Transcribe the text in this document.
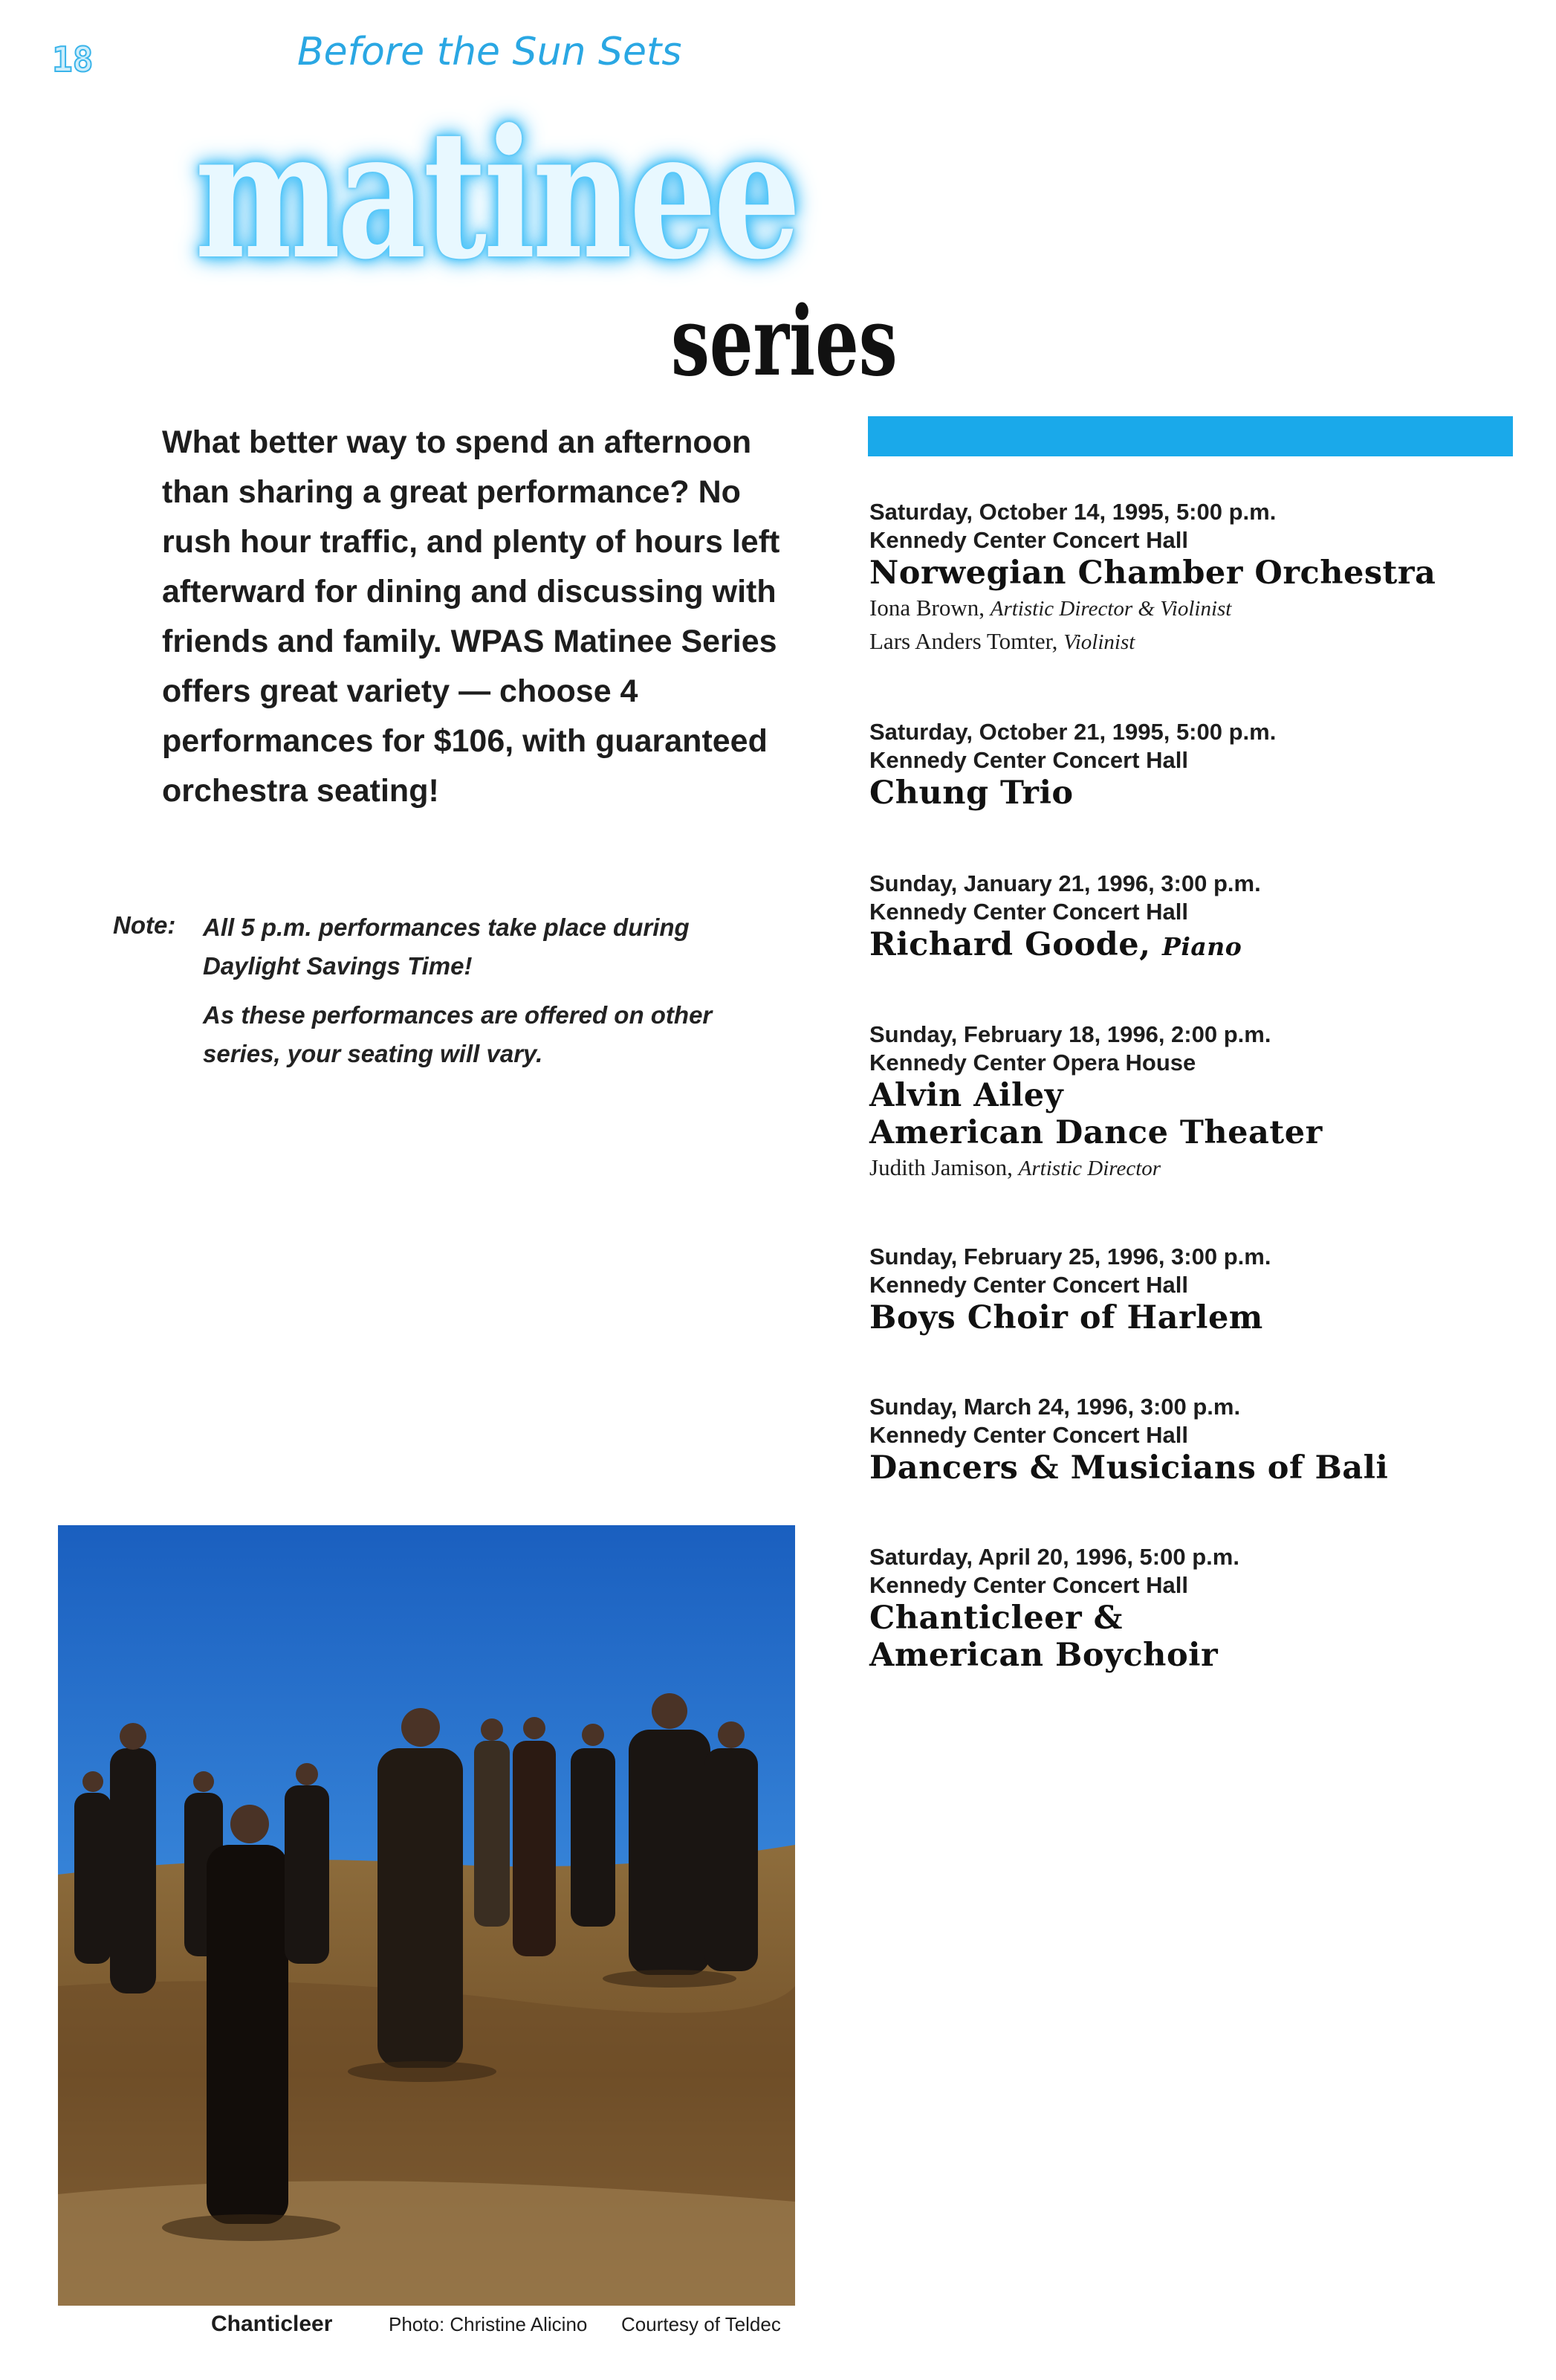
18	Before the Sun Sets
matinee
series

What better way to spend an afternoon than sharing a great performance? No rush hour traffic, and plenty of hours left afterward for dining and discussing with friends and family. WPAS Matinee Series offers great variety — choose 4 performances for $106, with guaranteed orchestra seating!

Note: All 5 p.m. performances take place during Daylight Savings Time!

As these performances are offered on other series, your seating will vary.

Chanticleer	Photo: Christine Alicino Courtesy of Teldec
Saturday, October 14, 1995, 5:00 p.m.
Kennedy Center Concert Hall
Norwegian Chamber Orchestra
Iona Brown, Artistic Director & Violinist
Lars Anders Tomter, Violinist
Saturday, October 21, 1995, 5:00 p.m.
Kennedy Center Concert Hall
Chung Trio
Sunday, January 21, 1996, 3:00 p.m.
Kennedy Center Concert Hall
Richard Goode, Piano
Sunday, February 18, 1996, 2:00 p.m.
Kennedy Center Opera House
Alvin Ailey
American Dance Theater
Judith Jamison, Artistic Director
Sunday, February 25, 1996, 3:00 p.m.
Kennedy Center Concert Hall
Boys Choir of Harlem
Sunday, March 24, 1996, 3:00 p.m.
Kennedy Center Concert Hall
Dancers & Musicians of Bali
Saturday, April 20, 1996, 5:00 p.m.
Kennedy Center Concert Hall
Chanticleer &
American Boychoir
